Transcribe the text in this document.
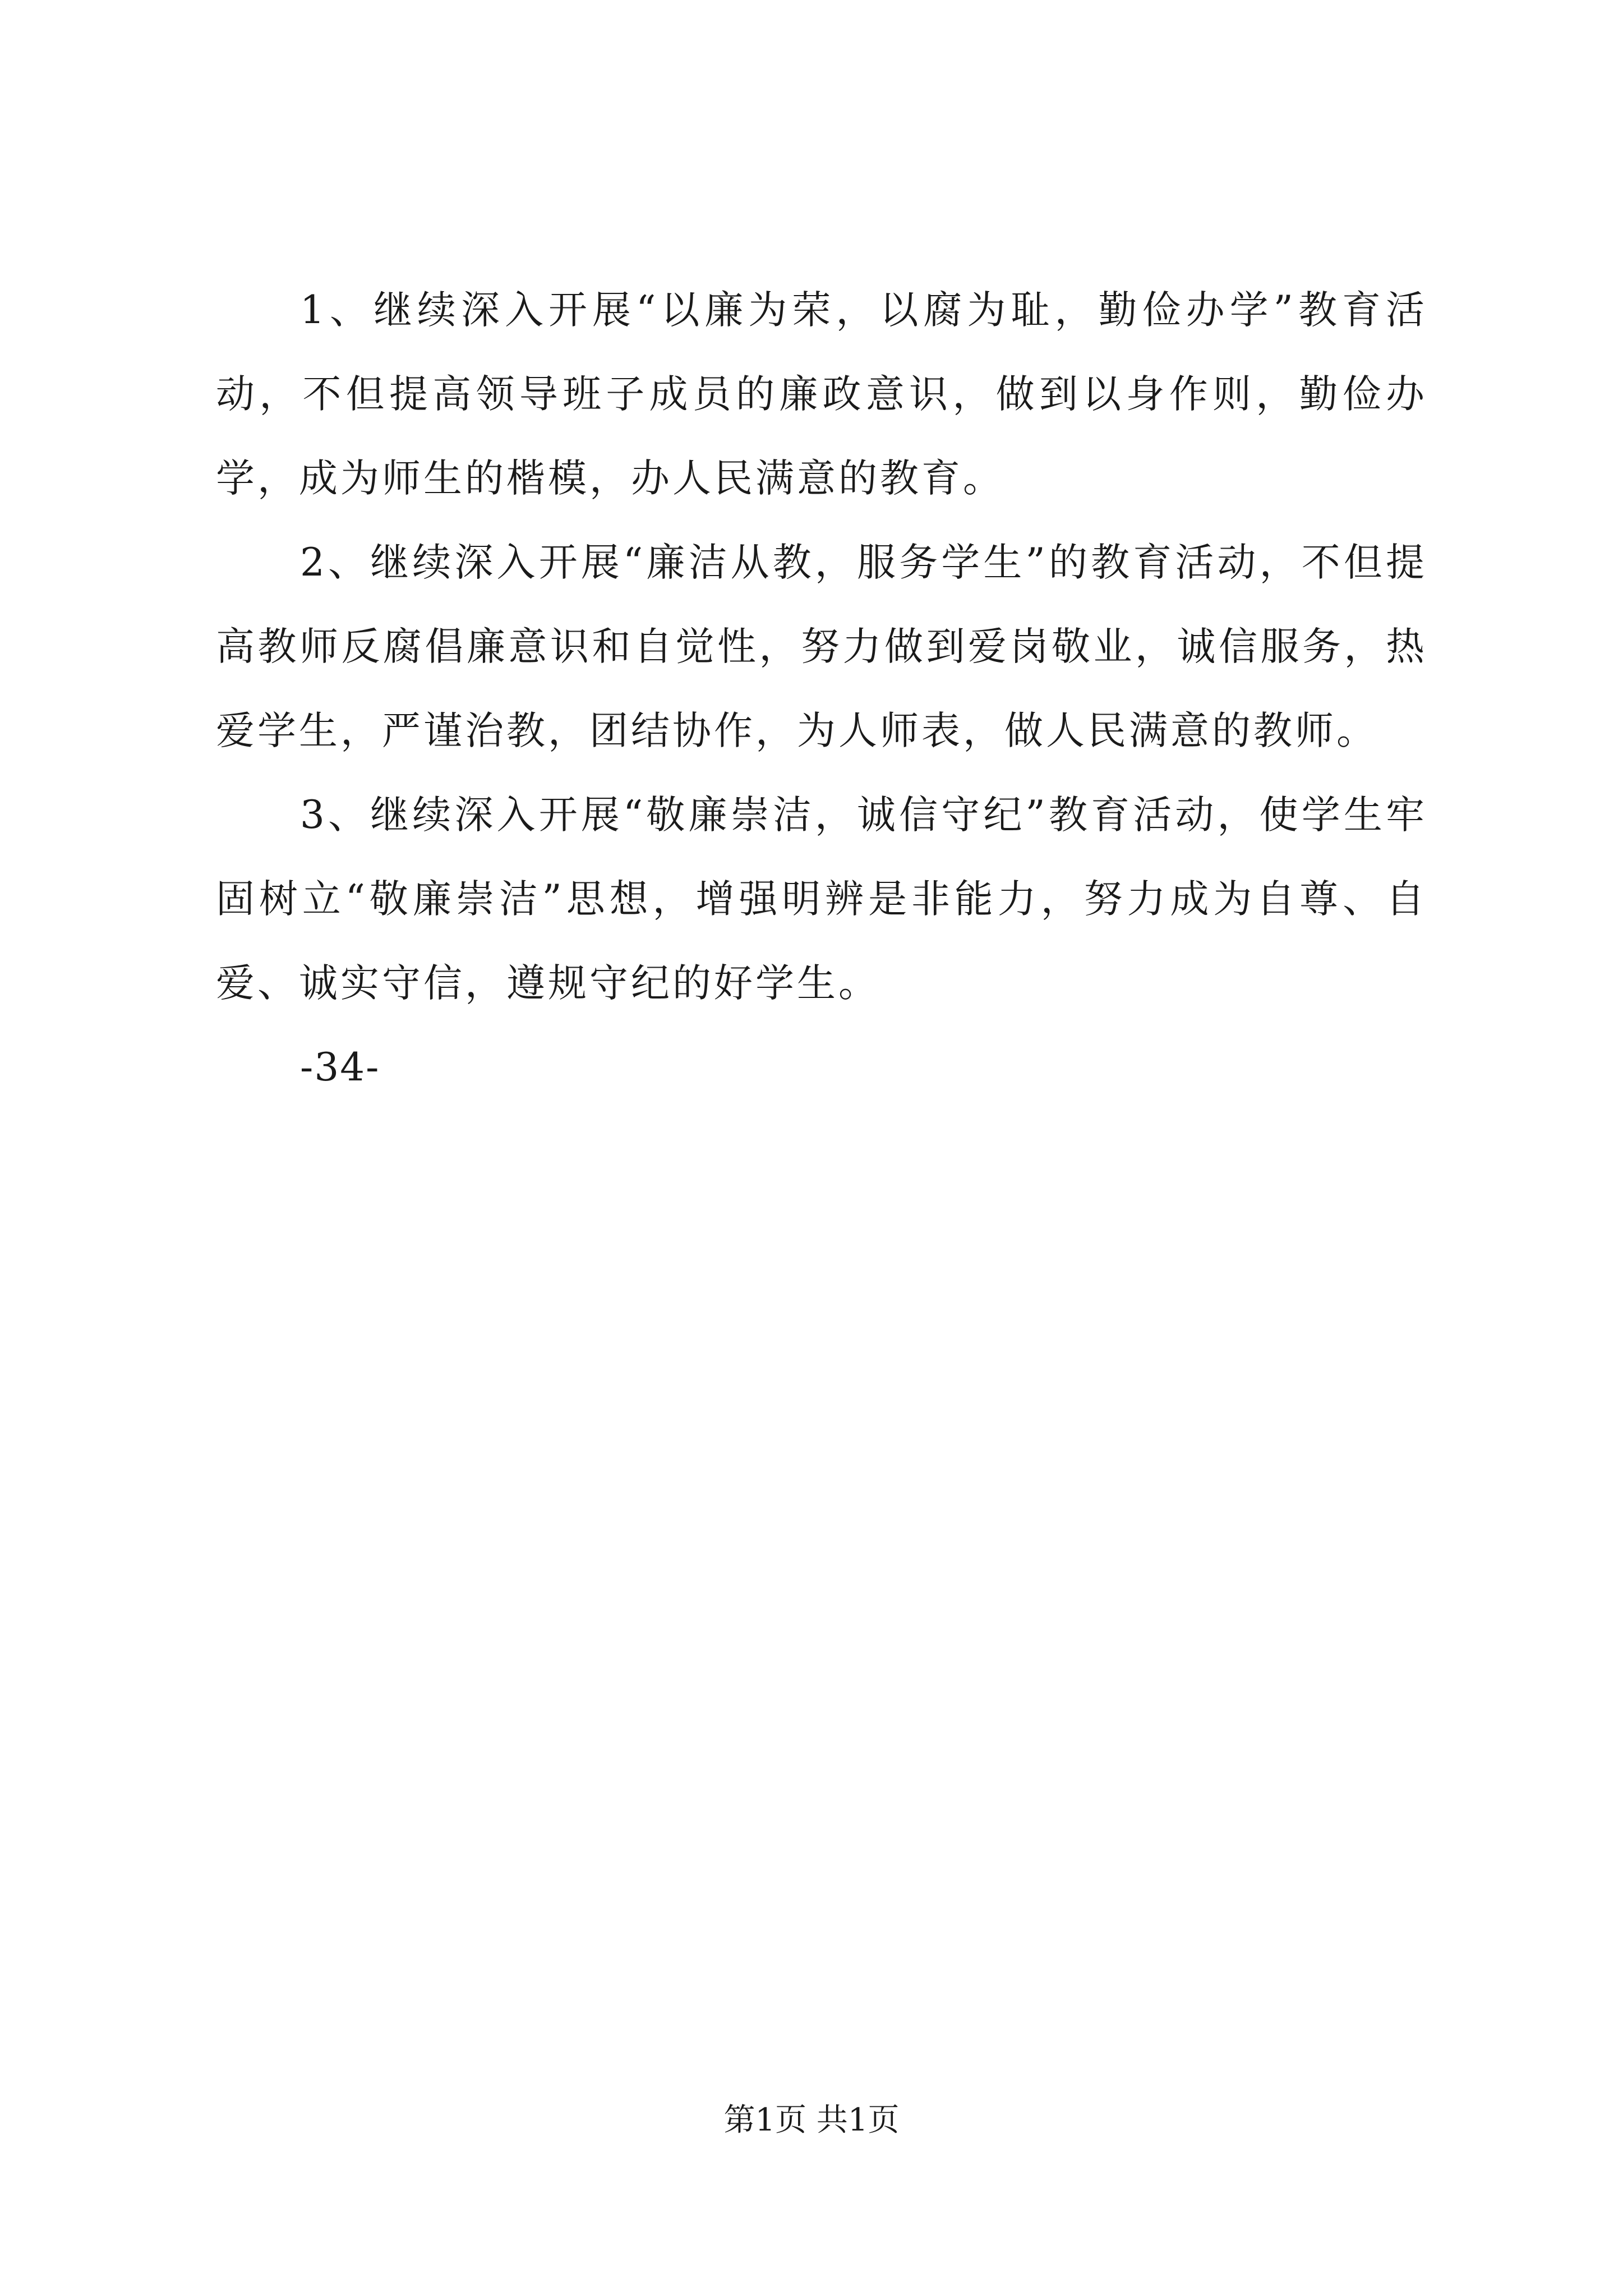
1、继续深入开展“以廉为荣，以腐为耻，勤俭办学”教育活动，不但提高领导班子成员的廉政意识，做到以身作则，勤俭办学，成为师生的楷模，办人民满意的教育。

2、继续深入开展“廉洁从教，服务学生”的教育活动，不但提高教师反腐倡廉意识和自觉性，努力做到爱岗敬业，诚信服务，热爱学生，严谨治教，团结协作，为人师表，做人民满意的教师。

3、继续深入开展“敬廉崇洁，诚信守纪”教育活动，使学生牢固树立“敬廉崇洁”思想，增强明辨是非能力，努力成为自尊、自爱、诚实守信，遵规守纪的好学生。

-34-

第1页 共1页
